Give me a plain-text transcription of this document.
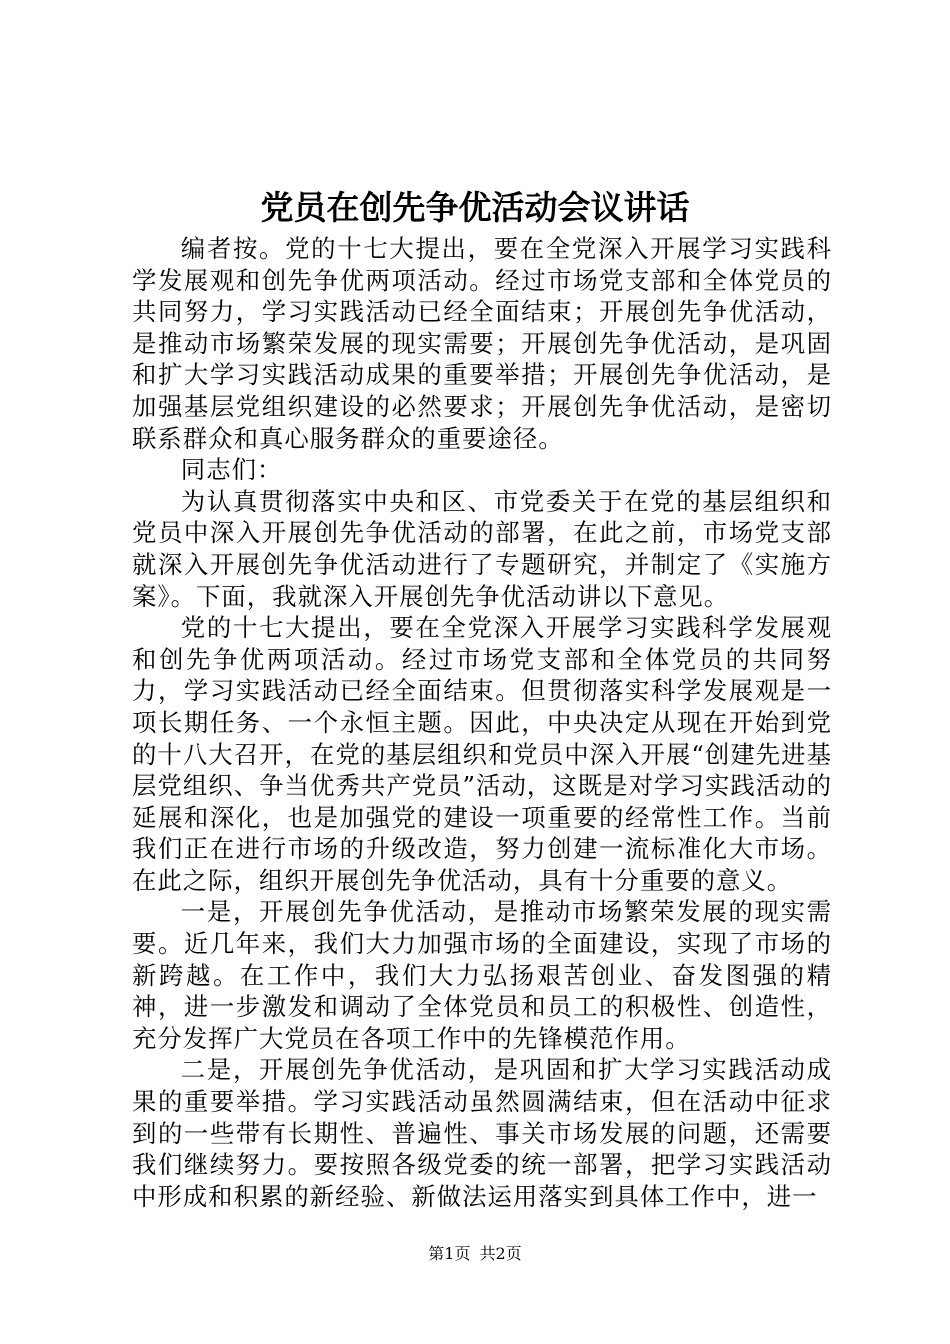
党员在创先争优活动会议讲话

编者按。党的十七大提出，要在全党深入开展学习实践科学发展观和创先争优两项活动。经过市场党支部和全体党员的共同努力，学习实践活动已经全面结束；开展创先争优活动，是推动市场繁荣发展的现实需要；开展创先争优活动，是巩固和扩大学习实践活动成果的重要举措；开展创先争优活动，是加强基层党组织建设的必然要求；开展创先争优活动，是密切联系群众和真心服务群众的重要途径。

同志们：

为认真贯彻落实中央和区、市党委关于在党的基层组织和党员中深入开展创先争优活动的部署，在此之前，市场党支部就深入开展创先争优活动进行了专题研究，并制定了《实施方案》。下面，我就深入开展创先争优活动讲以下意见。

党的十七大提出，要在全党深入开展学习实践科学发展观和创先争优两项活动。经过市场党支部和全体党员的共同努力，学习实践活动已经全面结束。但贯彻落实科学发展观是一项长期任务、一个永恒主题。因此，中央决定从现在开始到党的十八大召开，在党的基层组织和党员中深入开展“创建先进基层党组织、争当优秀共产党员”活动，这既是对学习实践活动的延展和深化，也是加强党的建设一项重要的经常性工作。当前我们正在进行市场的升级改造，努力创建一流标准化大市场。在此之际，组织开展创先争优活动，具有十分重要的意义。

一是，开展创先争优活动，是推动市场繁荣发展的现实需要。近几年来，我们大力加强市场的全面建设，实现了市场的新跨越。在工作中，我们大力弘扬艰苦创业、奋发图强的精神，进一步激发和调动了全体党员和员工的积极性、创造性，充分发挥广大党员在各项工作中的先锋模范作用。

二是，开展创先争优活动，是巩固和扩大学习实践活动成果的重要举措。学习实践活动虽然圆满结束，但在活动中征求到的一些带有长期性、普遍性、事关市场发展的问题，还需要我们继续努力。要按照各级党委的统一部署，把学习实践活动中形成和积累的新经验、新做法运用落实到具体工作中，进一

第1页 共2页
